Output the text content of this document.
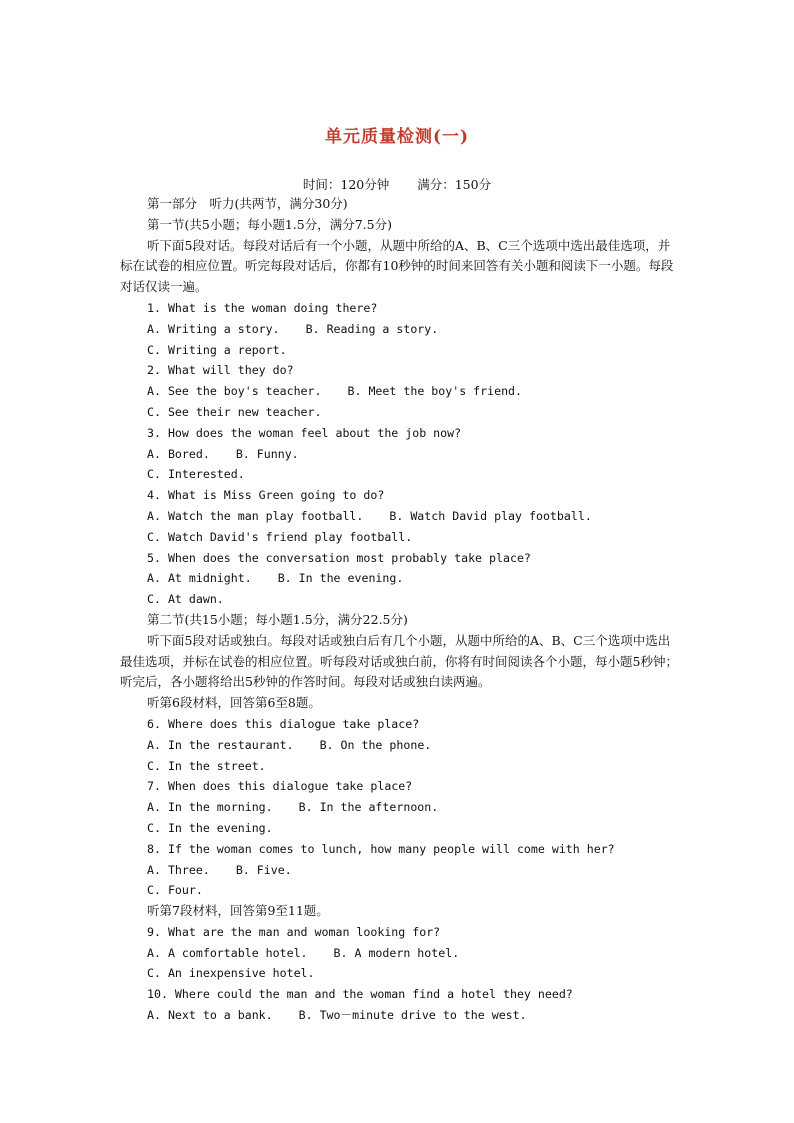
单元质量检测(一)
时间：120分钟 满分：150分
第一部分　听力(共两节，满分30分)
第一节(共5小题；每小题1.5分，满分7.5分)
听下面5段对话。每段对话后有一个小题，从题中所给的A、B、C三个选项中选出最佳选项，并标在试卷的相应位置。听完每段对话后，你都有10秒钟的时间来回答有关小题和阅读下一小题。每段对话仅读一遍。
1. What is the woman doing there?
A. Writing a story. B. Reading a story.
C. Writing a report.
2. What will they do?
A. See the boy's teacher. B. Meet the boy's friend.
C. See their new teacher.
3. How does the woman feel about the job now?
A. Bored. B. Funny.
C. Interested.
4. What is Miss Green going to do?
A. Watch the man play football. B. Watch David play football.
C. Watch David's friend play football.
5. When does the conversation most probably take place?
A. At midnight. B. In the evening.
C. At dawn.
第二节(共15小题；每小题1.5分，满分22.5分)
听下面5段对话或独白。每段对话或独白后有几个小题，从题中所给的A、B、C三个选项中选出最佳选项，并标在试卷的相应位置。听每段对话或独白前，你将有时间阅读各个小题，每小题5秒钟；听完后，各小题将给出5秒钟的作答时间。每段对话或独白读两遍。
听第6段材料，回答第6至8题。
6. Where does this dialogue take place?
A. In the restaurant. B. On the phone.
C. In the street.
7. When does this dialogue take place?
A. In the morning. B. In the afternoon.
C. In the evening.
8. If the woman comes to lunch, how many people will come with her?
A. Three. B. Five.
C. Four.
听第7段材料，回答第9至11题。
9. What are the man and woman looking for?
A. A comfortable hotel. B. A modern hotel.
C. An inexpensive hotel.
10. Where could the man and the woman find a hotel they need?
A. Next to a bank. B. Two－minute drive to the west.
